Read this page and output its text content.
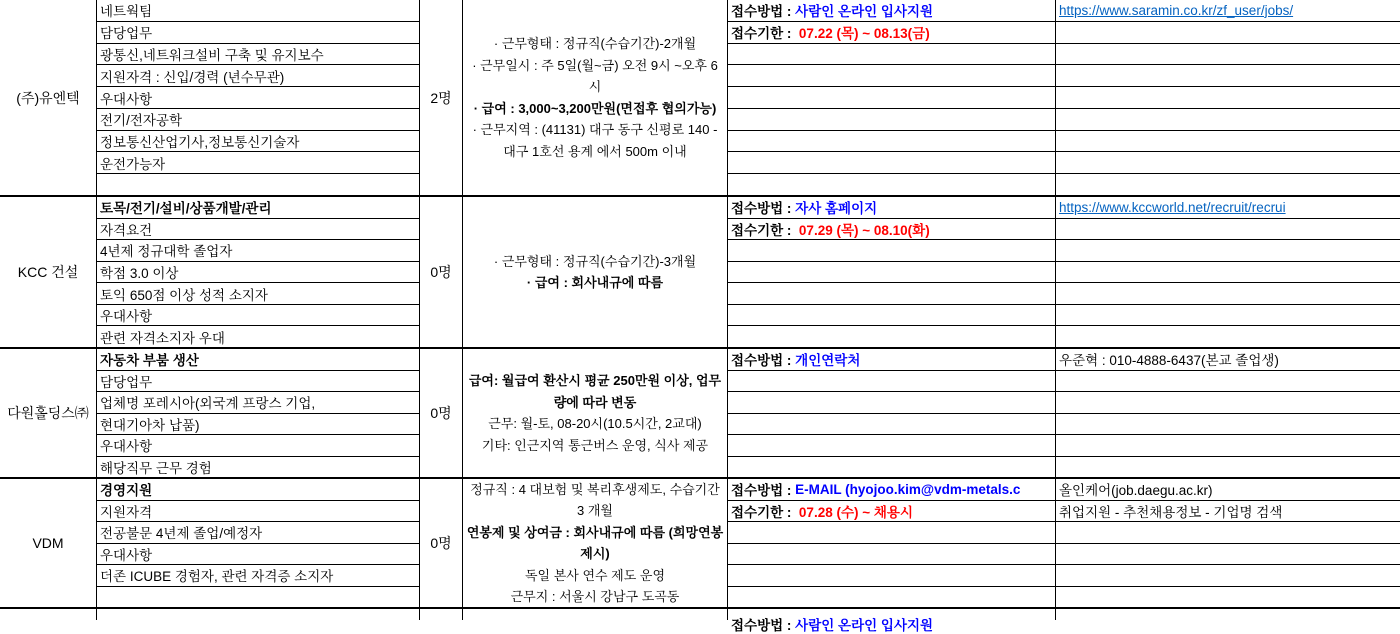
(주)유엔텍
네트웍팀
담당업무
광통신,네트워크설비 구축 및 유지보수
지원자격 : 신입/경력 (년수무관)
우대사항
전기/전자공학
정보통신산업기사,정보통신기술자
운전가능자
2명
· 근무형태 : 정규직(수습기간)-2개월
· 근무일시 : 주 5일(월~금) 오전 9시 ~오후 6시
· 급여 : 3,000~3,200만원(면접후 협의가능)
· 근무지역 : (41131) 대구 동구 신평로 140 - 대구 1호선 용계 에서 500m 이내
접수방법 : 사람인 온라인 입사지원
접수기한 : 07.22 (목) ~ 08.13(금)
https://www.saramin.co.kr/zf_user/jobs/
KCC 건설
토목/전기/설비/상품개발/관리
자격요건
4년제 정규대학 졸업자
학점 3.0 이상
토익 650점 이상 성적 소지자
우대사항
관련 자격소지자 우대
0명
· 근무형태 : 정규직(수습기간)-3개월
· 급여 : 회사내규에 따름
접수방법 : 자사 홈페이지
접수기한 : 07.29 (목) ~ 08.10(화)
https://www.kccworld.net/recruit/recrui
다원홀딩스㈜
자동차 부붐 생산
담당업무
업체명 포레시아(외국계 프랑스 기업,
현대기아차 납품)
우대사항
해당직무 근무 경험
0명
급여: 월급여 환산시 평균 250만원 이상, 업무량에 따라 변동
근무: 월-토, 08-20시(10.5시간, 2교대)
기타: 인근지역 통근버스 운영, 식사 제공
접수방법 : 개인연락처	우준혁 : 010-4888-6437(본교 졸업생)
VDM
경영지원
지원자격
전공불문 4년제 졸업/예정자
우대사항
더존 ICUBE 경험자, 관련 자격증 소지자
0명
정규직 : 4 대보험 및 복리후생제도, 수습기간 3 개월
연봉제 및 상여금 : 회사내규에 따름 (희망연봉제시)
독일 본사 연수 제도 운영
근무지 : 서울시 강남구 도곡동
접수방법 : E-MAIL (hyojoo.kim@vdm-metals.c
접수기한 : 07.28 (수) ~ 채용시
올인케어(job.daegu.ac.kr)
취업지원 - 추천채용정보 - 기업명 검색
접수방법 : 사람인 온라인 입사지원
